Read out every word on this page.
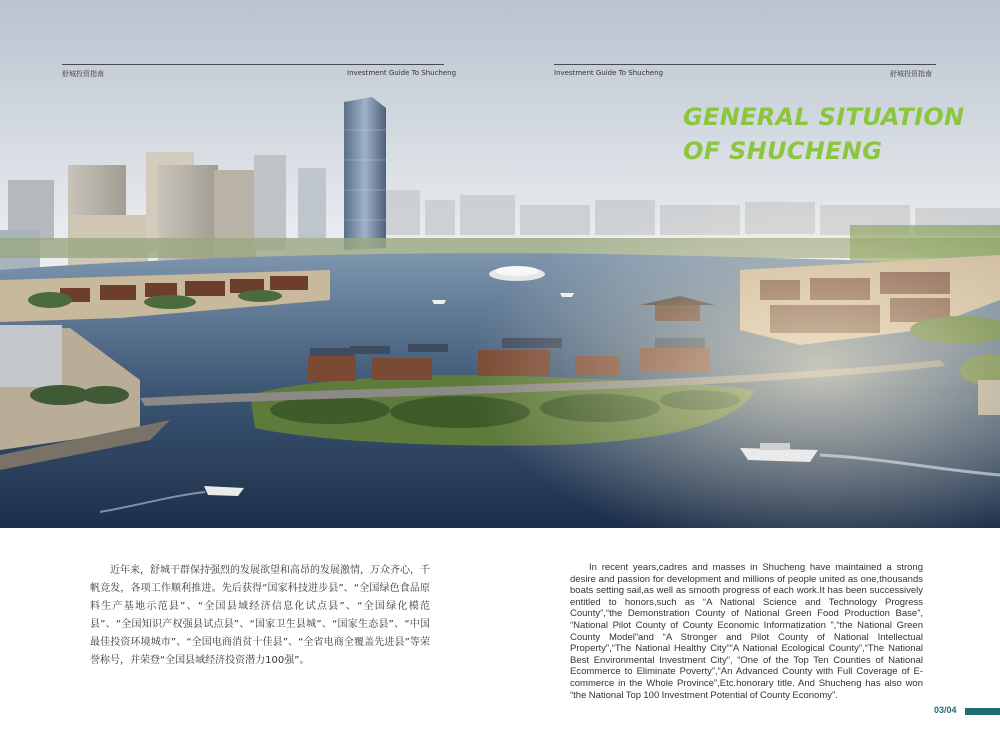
舒城投资指南	Investment Guide To Shucheng	Investment Guide To Shucheng	舒城投资指南
GENERAL SITUATION
OF SHUCHENG
近年来，舒城干群保持强烈的发展欲望和高昂的发展激情，万众齐心，千帆竞发，各项工作顺利推进。先后获得“国家科技进步县”、“全国绿色食品原料生产基地示范县”、“全国县域经济信息化试点县”、“全国绿化模范县”、“全国知识产权强县试点县”、“国家卫生县城”、“国家生态县”、“中国最佳投资环境城市”、“全国电商消贫十佳县”、“全省电商全覆盖先进县”等荣誉称号，并荣登“全国县域经济投资潜力100强”。
In recent years,cadres and masses in Shucheng have maintained a strong desire and passion for development and millions of people united as one,thousands boats setting sail,as well as smooth progress of each work.It has been successively entitled to honors,such as “A National Science and Technology Progress County”,“the Demonstration County of National Green Food Production Base”, “National Pilot County of County Economic Informatization ”,“the National Green County Model”and “A Stronger and Pilot County of National Intellectual Property”,“The National Healthy City”“A National Ecological County”,“The National Best Environmental Investment City”, “One of the Top Ten Counties of National Ecommerce to Eliminate Poverty”,“An Advanced County with Full Coverage of E-commerce in the Whole Province”,Etc.honorary title. And Shucheng has also won “the National Top 100 Investment Potential of County Economy”.
03/04
